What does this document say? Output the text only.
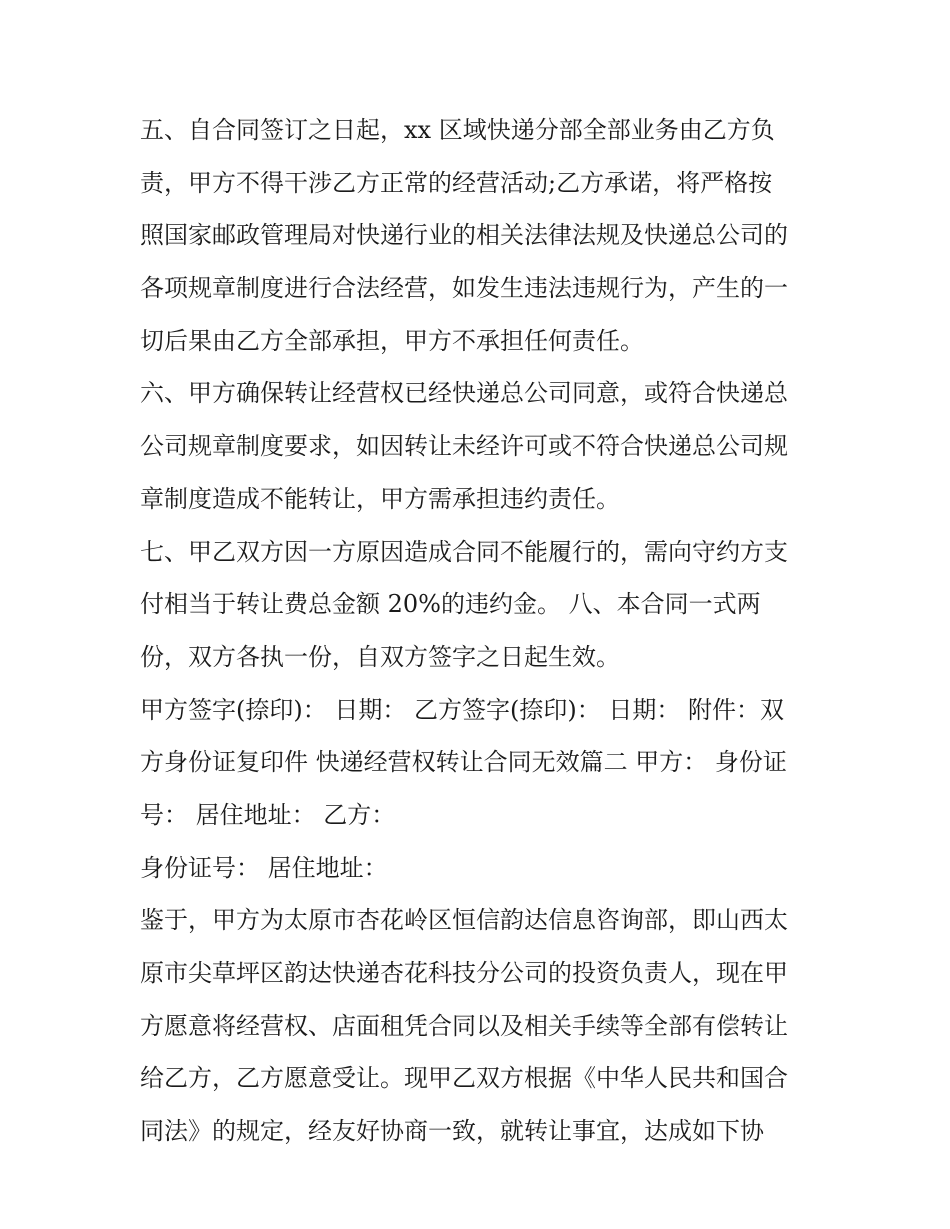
五、自合同签订之日起，xx 区域快递分部全部业务由乙方负
责，甲方不得干涉乙方正常的经营活动;乙方承诺，将严格按
照国家邮政管理局对快递行业的相关法律法规及快递总公司的
各项规章制度进行合法经营，如发生违法违规行为，产生的一
切后果由乙方全部承担，甲方不承担任何责任。
六、甲方确保转让经营权已经快递总公司同意，或符合快递总
公司规章制度要求，如因转让未经许可或不符合快递总公司规
章制度造成不能转让，甲方需承担违约责任。
七、甲乙双方因一方原因造成合同不能履行的，需向守约方支
付相当于转让费总金额 20%的违约金。 八、本合同一式两
份，双方各执一份，自双方签字之日起生效。
甲方签字(捺印)： 日期： 乙方签字(捺印)： 日期： 附件：双
方身份证复印件 快递经营权转让合同无效篇二 甲方： 身份证
号： 居住地址： 乙方：
身份证号： 居住地址：
鉴于，甲方为太原市杏花岭区恒信韵达信息咨询部，即山西太
原市尖草坪区韵达快递杏花科技分公司的投资负责人，现在甲
方愿意将经营权、店面租凭合同以及相关手续等全部有偿转让
给乙方，乙方愿意受让。现甲乙双方根据《中华人民共和国合
同法》的规定，经友好协商一致，就转让事宜，达成如下协
